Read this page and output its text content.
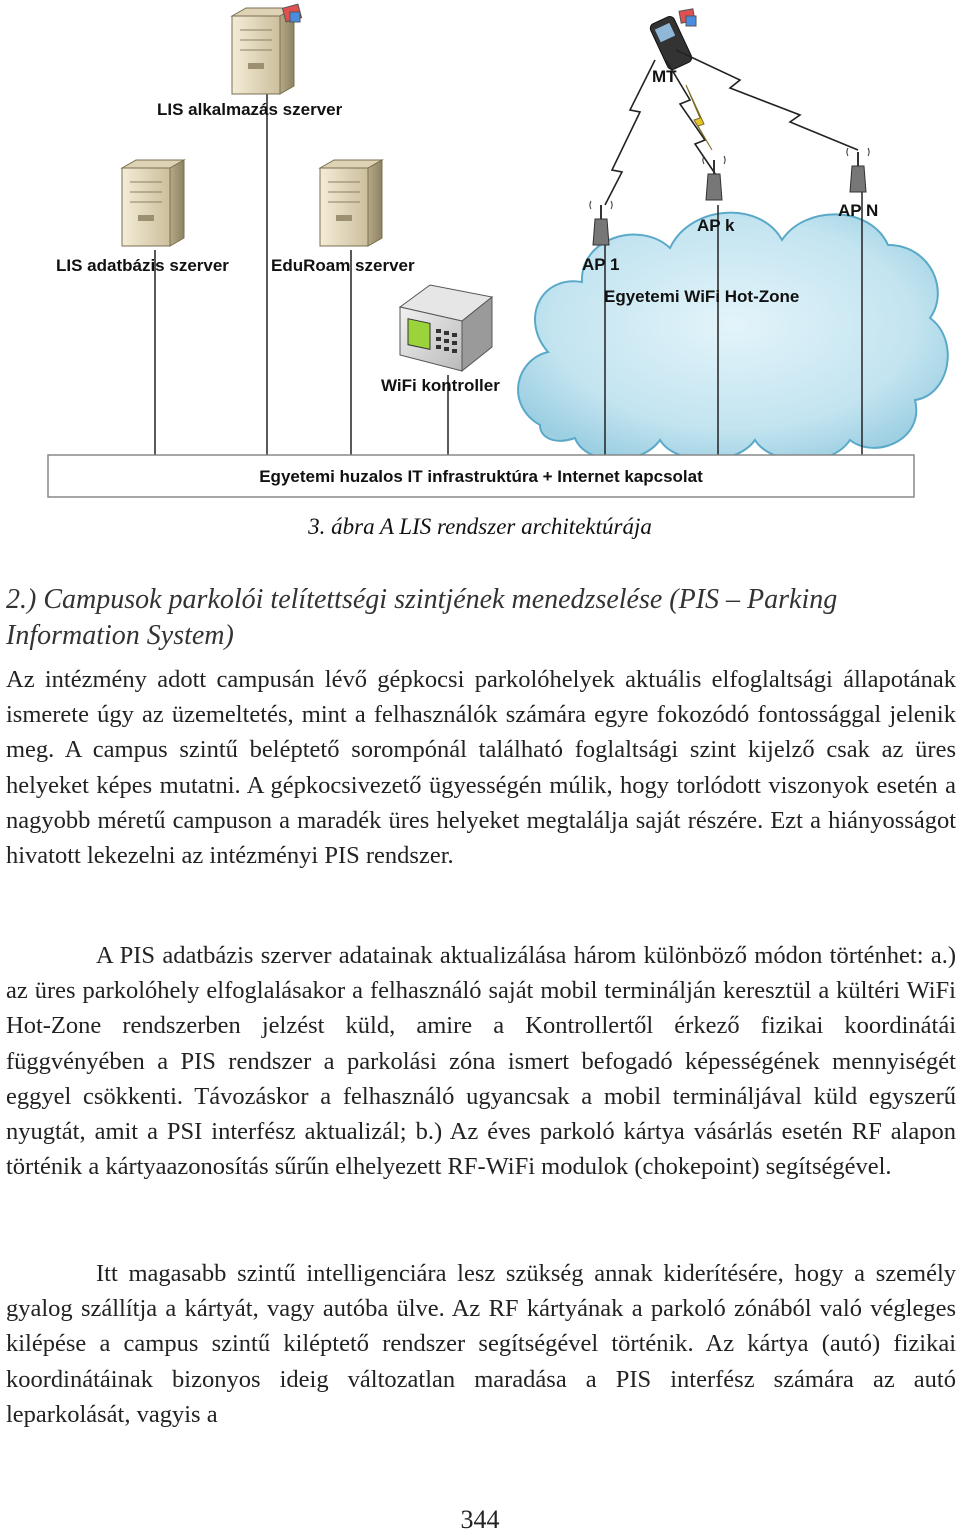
Egyetemi huzalos IT infrastruktúra + Internet kapcsolat
LIS alkalmazás szerver
LIS adatbázis szerver EduRoam szerver
WiFi kontroller
MT
AP 1
AP k
AP N
Egyetemi WiFi Hot-Zone
3. ábra A LIS rendszer architektúrája
2.) Campusok parkolói telítettségi szintjének menedzselése (PIS – Parking Information System)

Az intézmény adott campusán lévő gépkocsi parkolóhelyek aktuális elfoglaltsági állapotának ismerete úgy az üzemeltetés, mint a felhasználók számára egyre fokozódó fontossággal jelenik meg. A campus szintű beléptető sorompónál található foglaltsági szint kijelző csak az üres helyeket képes mutatni. A gépkocsivezető ügyességén múlik, hogy torlódott viszonyok esetén a nagyobb méretű campuson a maradék üres helyeket megtalálja saját részére. Ezt a hiányosságot hivatott lekezelni az intézményi PIS rendszer.

A PIS adatbázis szerver adatainak aktualizálása három különböző módon történhet: a.) az üres parkolóhely elfoglalásakor a felhasználó saját mobil terminálján keresztül a kültéri WiFi Hot-Zone rendszerben jelzést küld, amire a Kontrollertől érkező fizikai koordinátái függvényében a PIS rendszer a parkolási zóna ismert befogadó képességének mennyiségét eggyel csökkenti. Távozáskor a felhasználó ugyancsak a mobil termináljával küld egyszerű nyugtát, amit a PSI interfész aktualizál; b.) Az éves parkoló kártya vásárlás esetén RF alapon történik a kártyaazonosítás sűrűn elhelyezett RF-WiFi modulok (chokepoint) segítségével.

Itt magasabb szintű intelligenciára lesz szükség annak kiderítésére, hogy a személy gyalog szállítja a kártyát, vagy autóba ülve. Az RF kártyának a parkoló zónából való végleges kilépése a campus szintű kiléptető rendszer segítségével történik. Az kártya (autó) fizikai koordinátáinak bizonyos ideig változatlan maradása a PIS interfész számára az autó leparkolását, vagyis a

344
